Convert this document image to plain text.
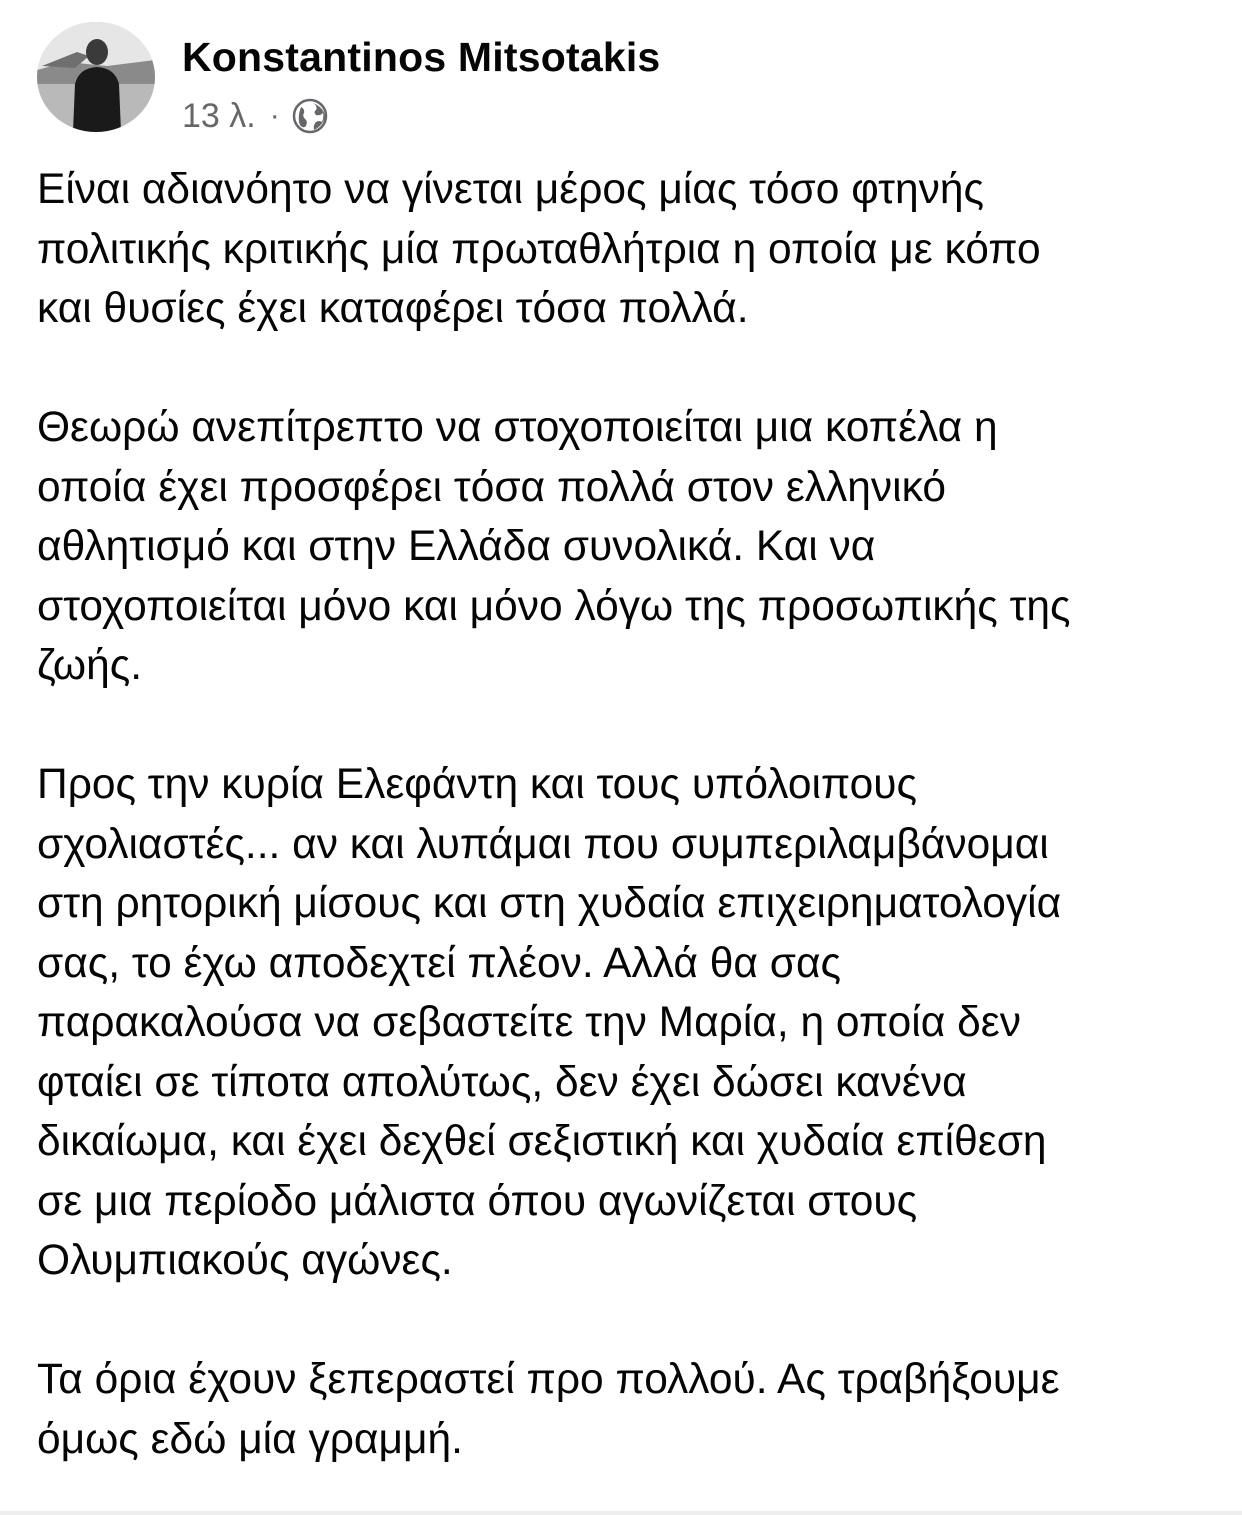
Konstantinos Mitsotakis
13 λ. ·

Είναι αδιανόητο να γίνεται μέρος μίας τόσο φτηνής
πολιτικής κριτικής μία πρωταθλήτρια η οποία με κόπο
και θυσίες έχει καταφέρει τόσα πολλά.

Θεωρώ ανεπίτρεπτο να στοχοποιείται μια κοπέλα η
οποία έχει προσφέρει τόσα πολλά στον ελληνικό
αθλητισμό και στην Ελλάδα συνολικά. Και να
στοχοποιείται μόνο και μόνο λόγω της προσωπικής της
ζωής.

Προς την κυρία Ελεφάντη και τους υπόλοιπους
σχολιαστές... αν και λυπάμαι που συμπεριλαμβάνομαι
στη ρητορική μίσους και στη χυδαία επιχειρηματολογία
σας, το έχω αποδεχτεί πλέον. Αλλά θα σας
παρακαλούσα να σεβαστείτε την Μαρία, η οποία δεν
φταίει σε τίποτα απολύτως, δεν έχει δώσει κανένα
δικαίωμα, και έχει δεχθεί σεξιστική και χυδαία επίθεση
σε μια περίοδο μάλιστα όπου αγωνίζεται στους
Ολυμπιακούς αγώνες.

Τα όρια έχουν ξεπεραστεί προ πολλού. Ας τραβήξουμε
όμως εδώ μία γραμμή.
